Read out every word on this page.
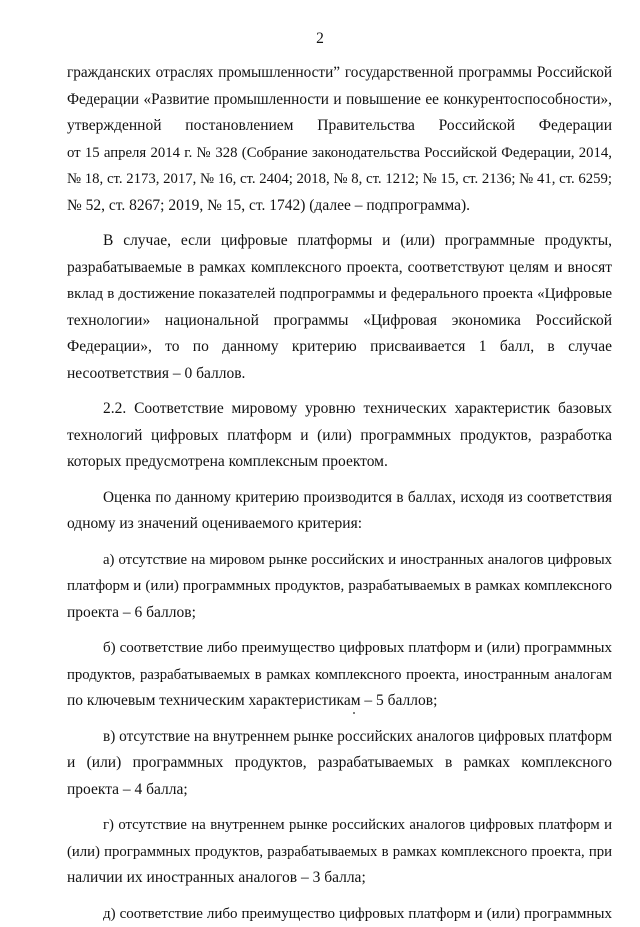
2

гражданских отраслях промышленности” государственной программы Российской
Федерации «Развитие промышленности и повышение ее конкурентоспособности»,
утвержденной постановлением Правительства Российской Федерации
от 15 апреля 2014 г. № 328 (Собрание законодательства Российской Федерации, 2014,
№ 18, ст. 2173, 2017, № 16, ст. 2404; 2018, № 8, ст. 1212; № 15, ст. 2136; № 41, ст. 6259;
№ 52, ст. 8267; 2019, № 15, ст. 1742) (далее – подпрограмма).

В случае, если цифровые платформы и (или) программные продукты,
разрабатываемые в рамках комплексного проекта, соответствуют целям и вносят
вклад в достижение показателей подпрограммы и федерального проекта «Цифровые
технологии» национальной программы «Цифровая экономика Российской
Федерации», то по данному критерию присваивается 1 балл, в случае
несоответствия – 0 баллов.

2.2. Соответствие мировому уровню технических характеристик базовых
технологий цифровых платформ и (или) программных продуктов, разработка
которых предусмотрена комплексным проектом.

Оценка по данному критерию производится в баллах, исходя из соответствия
одному из значений оцениваемого критерия:

а) отсутствие на мировом рынке российских и иностранных аналогов цифровых
платформ и (или) программных продуктов, разрабатываемых в рамках комплексного
проекта – 6 баллов;

б) соответствие либо преимущество цифровых платформ и (или) программных
продуктов, разрабатываемых в рамках комплексного проекта, иностранным аналогам
по ключевым техническим характеристикам – 5 баллов;

в) отсутствие на внутреннем рынке российских аналогов цифровых платформ
и (или) программных продуктов, разрабатываемых в рамках комплексного
проекта – 4 балла;

г) отсутствие на внутреннем рынке российских аналогов цифровых платформ и
(или) программных продуктов, разрабатываемых в рамках комплексного проекта, при
наличии их иностранных аналогов – 3 балла;

д) соответствие либо преимущество цифровых платформ и (или) программных
